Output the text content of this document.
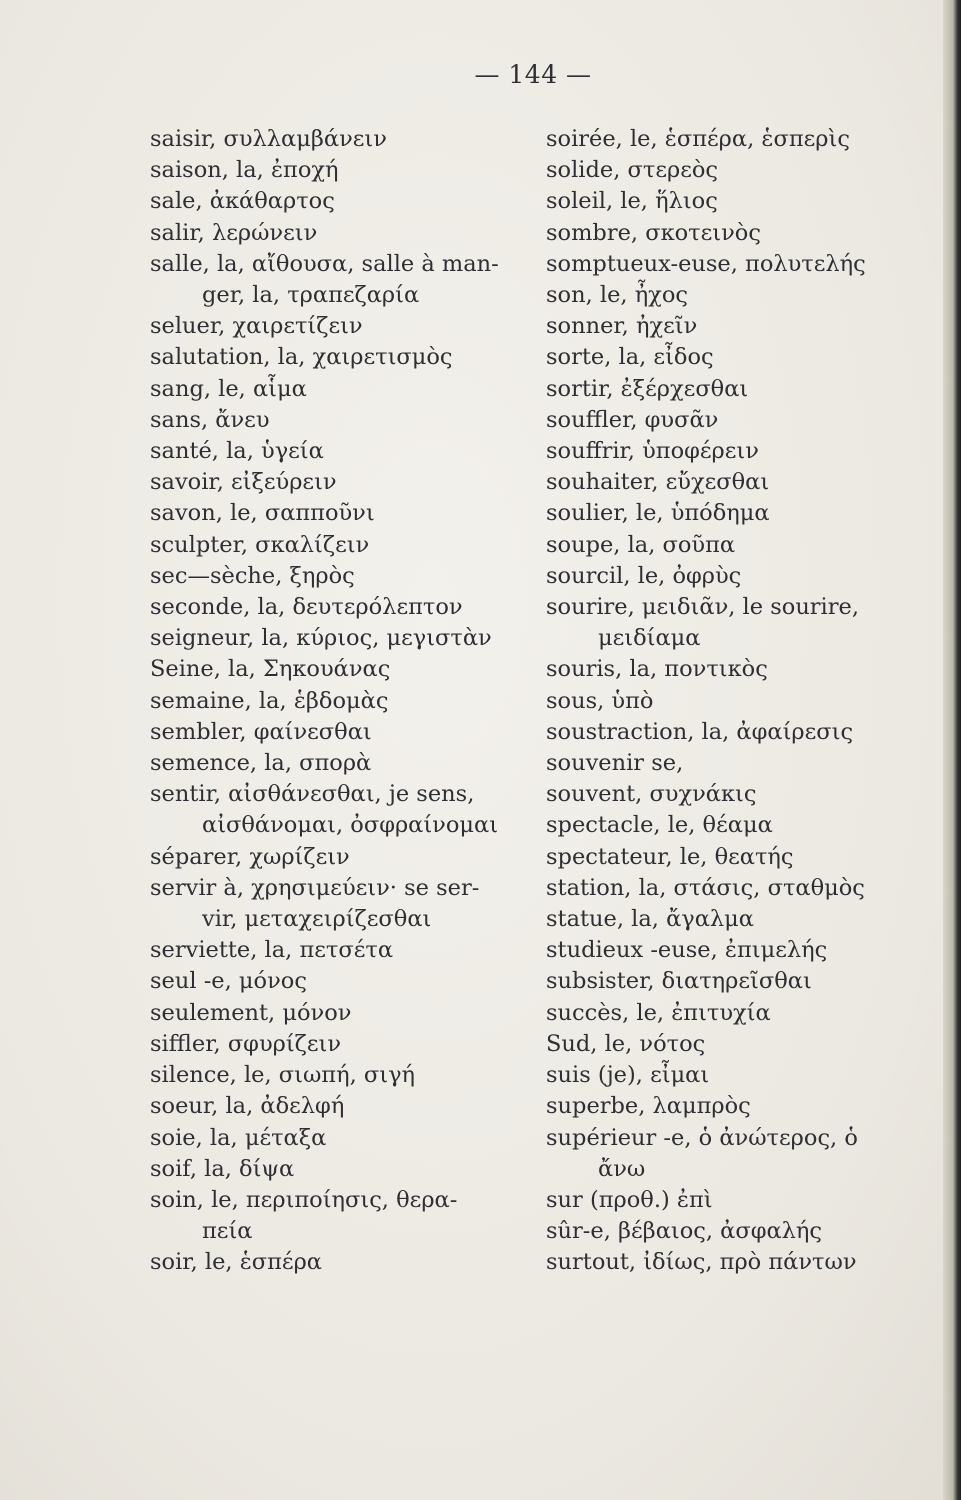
— 144 —
saisir, συλλαμβάνειν
saison, la, ἐποχή
sale, ἀκάθαρτος
salir, λερώνειν
salle, la, αἴθουσα, salle à man-
ger, la, τραπεζαρία
seluer, χαιρετίζειν
salutation, la, χαιρετισμὸς
sang, le, αἷμα
sans, ἄνευ
santé, la, ὑγεία
savoir, εἰξεύρειν
savon, le, σαπποῦνι
sculpter, σκαλίζειν
sec—sèche, ξηρὸς
seconde, la, δευτερόλεπτον
seigneur, la, κύριος, μεγιστὰν
Seine, la, Σηκουάνας
semaine, la, ἑβδομὰς
sembler, φαίνεσθαι
semence, la, σπορὰ
sentir, αἰσθάνεσθαι, je sens,
αἰσθάνομαι, ὀσφραίνομαι
séparer, χωρίζειν
servir à, χρησιμεύειν· se ser-
vir, μεταχειρίζεσθαι
serviette, la, πετσέτα
seul -e, μόνος
seulement, μόνον
siffler, σφυρίζειν
silence, le, σιωπή, σιγή
soeur, la, ἀδελφή
soie, la, μέταξα
soif, la, δίψα
soin, le, περιποίησις, θερα-
πεία
soir, le, ἑσπέρα
soirée, le, ἑσπέρα, ἑσπερὶς
solide, στερεὸς
soleil, le, ἥλιος
sombre, σκοτεινὸς
somptueux-euse, πολυτελής
son, le, ἦχος
sonner, ἠχεῖν
sorte, la, εἶδος
sortir, ἐξέρχεσθαι
souffler, φυσᾶν
souffrir, ὑποφέρειν
souhaiter, εὔχεσθαι
soulier, le, ὑπόδημα
soupe, la, σοῦπα
sourcil, le, ὀφρὺς
sourire, μειδιᾶν, le sourire,
μειδίαμα
souris, la, ποντικὸς
sous, ὑπὸ
soustraction, la, ἀφαίρεσις
souvenir se,
souvent, συχνάκις
spectacle, le, θέαμα
spectateur, le, θεατής
station, la, στάσις, σταθμὸς
statue, la, ἄγαλμα
studieux -euse, ἐπιμελής
subsister, διατηρεῖσθαι
succès, le, ἐπιτυχία
Sud, le, νότος
suis (je), εἶμαι
superbe, λαμπρὸς
supérieur -e, ὁ ἀνώτερος, ὁ
ἄνω
sur (προθ.) ἐπὶ
sûr-e, βέβαιος, ἀσφαλής
surtout, ἰδίως, πρὸ πάντων
